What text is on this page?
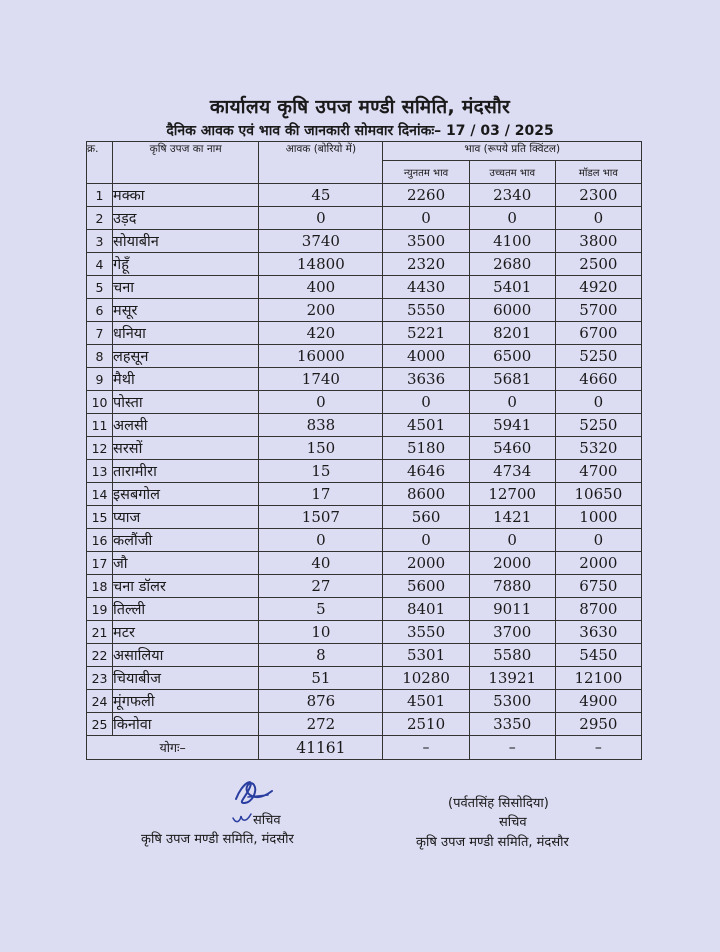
कार्यालय कृषि उपज मण्डी समिति, मंदसौर
दैनिक आवक एवं भाव की जानकारी सोमवार दिनांकः– 17 / 03 / 2025
क्र.	कृषि उपज का नाम	आवक (बोरियो में)	भाव (रूपये प्रति क्विंटल)		
			न्युनतम भाव	उच्चतम भाव	मॉडल भाव
1	मक्का	45	2260	2340	2300
2	उड़द	0	0	0	0
3	सोयाबीन	3740	3500	4100	3800
4	गेहूँ	14800	2320	2680	2500
5	चना	400	4430	5401	4920
6	मसूर	200	5550	6000	5700
7	धनिया	420	5221	8201	6700
8	लहसून	16000	4000	6500	5250
9	मैथी	1740	3636	5681	4660
10	पोस्ता	0	0	0	0
11	अलसी	838	4501	5941	5250
12	सरसों	150	5180	5460	5320
13	तारामीरा	15	4646	4734	4700
14	इसबगोल	17	8600	12700	10650
15	प्याज	1507	560	1421	1000
16	कलौंजी	0	0	0	0
17	जौ	40	2000	2000	2000
18	चना डॉलर	27	5600	7880	6750
19	तिल्ली	5	8401	9011	8700
21	मटर	10	3550	3700	3630
22	असालिया	8	5301	5580	5450
23	चियाबीज	51	10280	13921	12100
24	मूंगफली	876	4501	5300	4900
25	किनोवा	272	2510	3350	2950
योगः–		41161	–	–	–
सचिव
कृषि उपज मण्डी समिति, मंदसौर
(पर्वतसिंह सिसोदिया)
सचिव
कृषि उपज मण्डी समिति, मंदसौर
